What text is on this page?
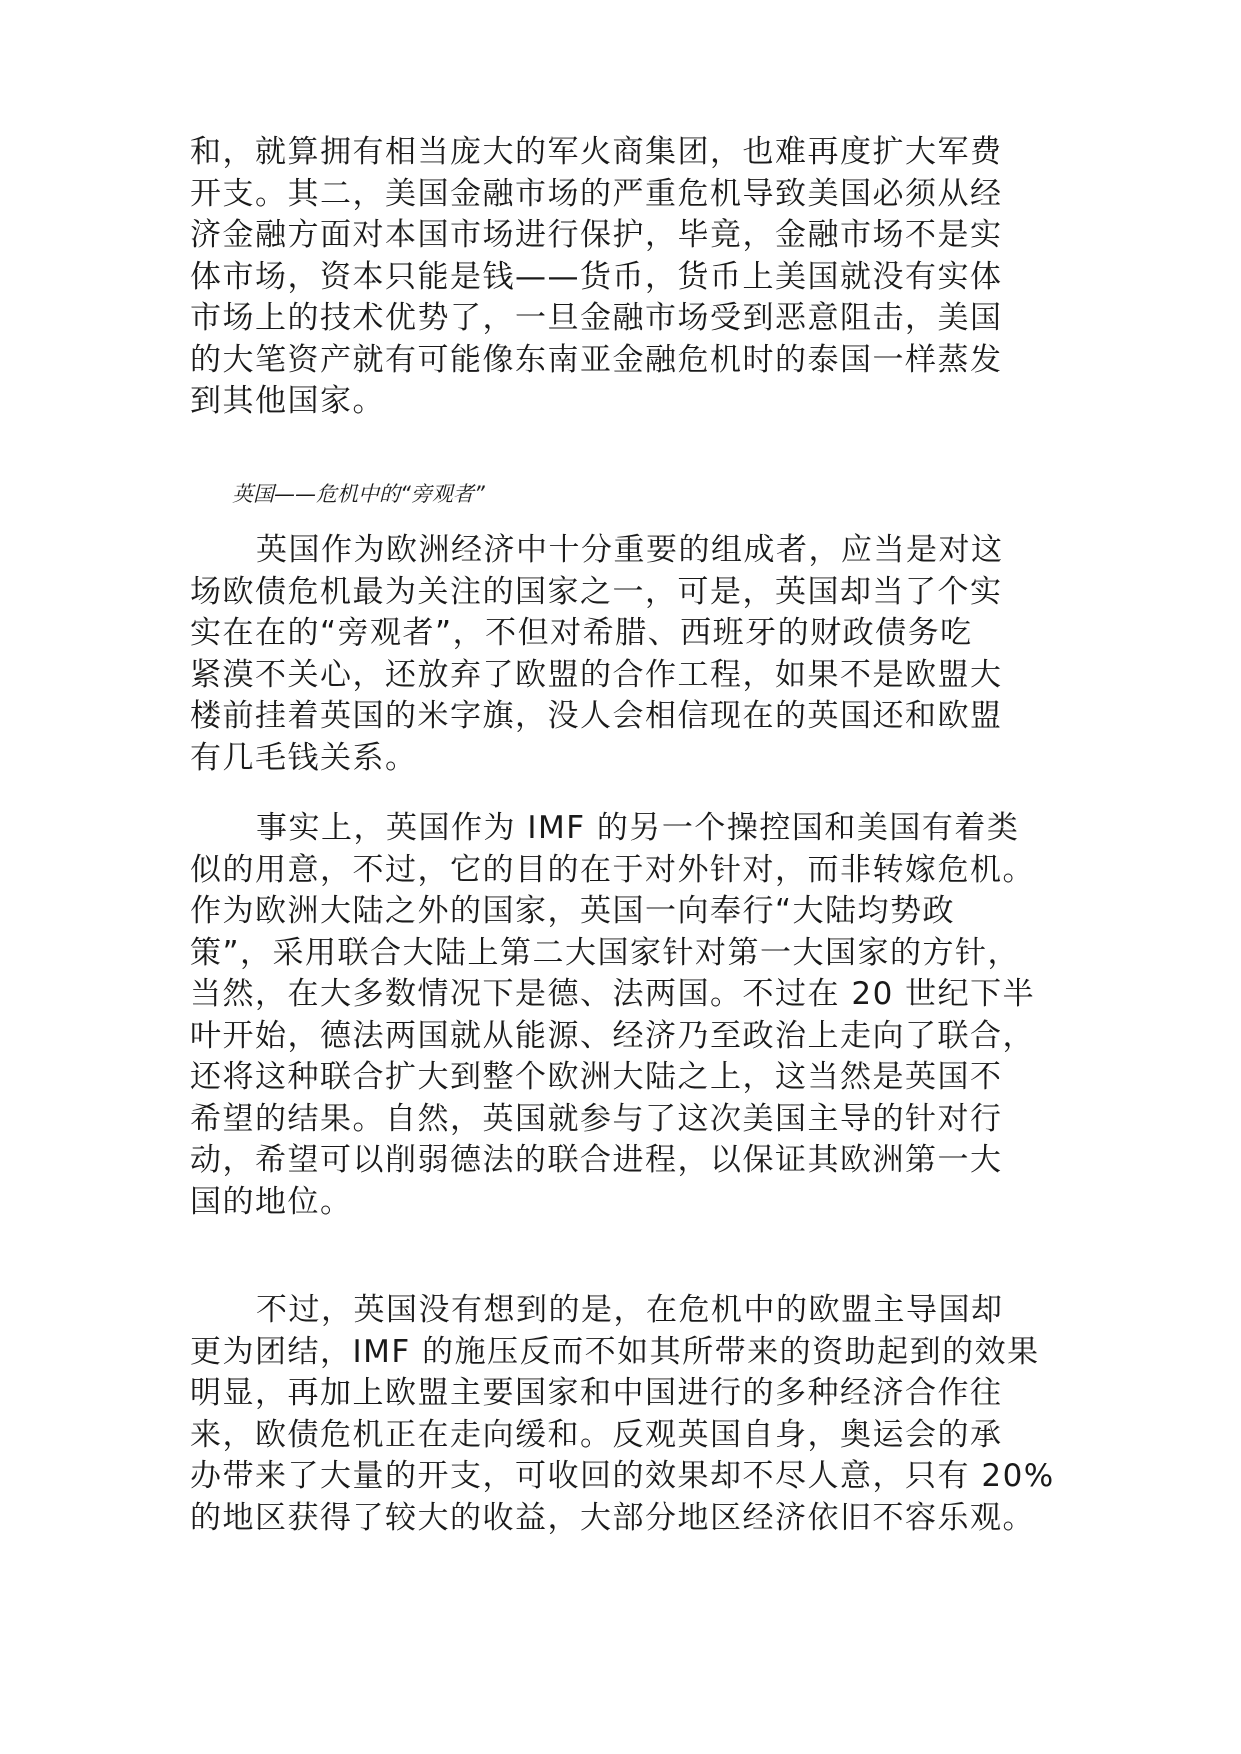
和，就算拥有相当庞大的军火商集团，也难再度扩大军费
开支。其二，美国金融市场的严重危机导致美国必须从经
济金融方面对本国市场进行保护，毕竟，金融市场不是实
体市场，资本只能是钱——货币，货币上美国就没有实体
市场上的技术优势了，一旦金融市场受到恶意阻击，美国
的大笔资产就有可能像东南亚金融危机时的泰国一样蒸发
到其他国家。
英国——危机中的“旁观者”
英国作为欧洲经济中十分重要的组成者，应当是对这
场欧债危机最为关注的国家之一，可是，英国却当了个实
实在在的“旁观者”，不但对希腊、西班牙的财政债务吃
紧漠不关心，还放弃了欧盟的合作工程，如果不是欧盟大
楼前挂着英国的米字旗，没人会相信现在的英国还和欧盟
有几毛钱关系。
事实上，英国作为 IMF 的另一个操控国和美国有着类
似的用意，不过，它的目的在于对外针对，而非转嫁危机。
作为欧洲大陆之外的国家，英国一向奉行“大陆均势政
策”，采用联合大陆上第二大国家针对第一大国家的方针，
当然，在大多数情况下是德、法两国。不过在 20 世纪下半
叶开始，德法两国就从能源、经济乃至政治上走向了联合，
还将这种联合扩大到整个欧洲大陆之上，这当然是英国不
希望的结果。自然，英国就参与了这次美国主导的针对行
动，希望可以削弱德法的联合进程，以保证其欧洲第一大
国的地位。
不过，英国没有想到的是，在危机中的欧盟主导国却
更为团结，IMF 的施压反而不如其所带来的资助起到的效果
明显，再加上欧盟主要国家和中国进行的多种经济合作往
来，欧债危机正在走向缓和。反观英国自身，奥运会的承
办带来了大量的开支，可收回的效果却不尽人意，只有 20%
的地区获得了较大的收益，大部分地区经济依旧不容乐观。
